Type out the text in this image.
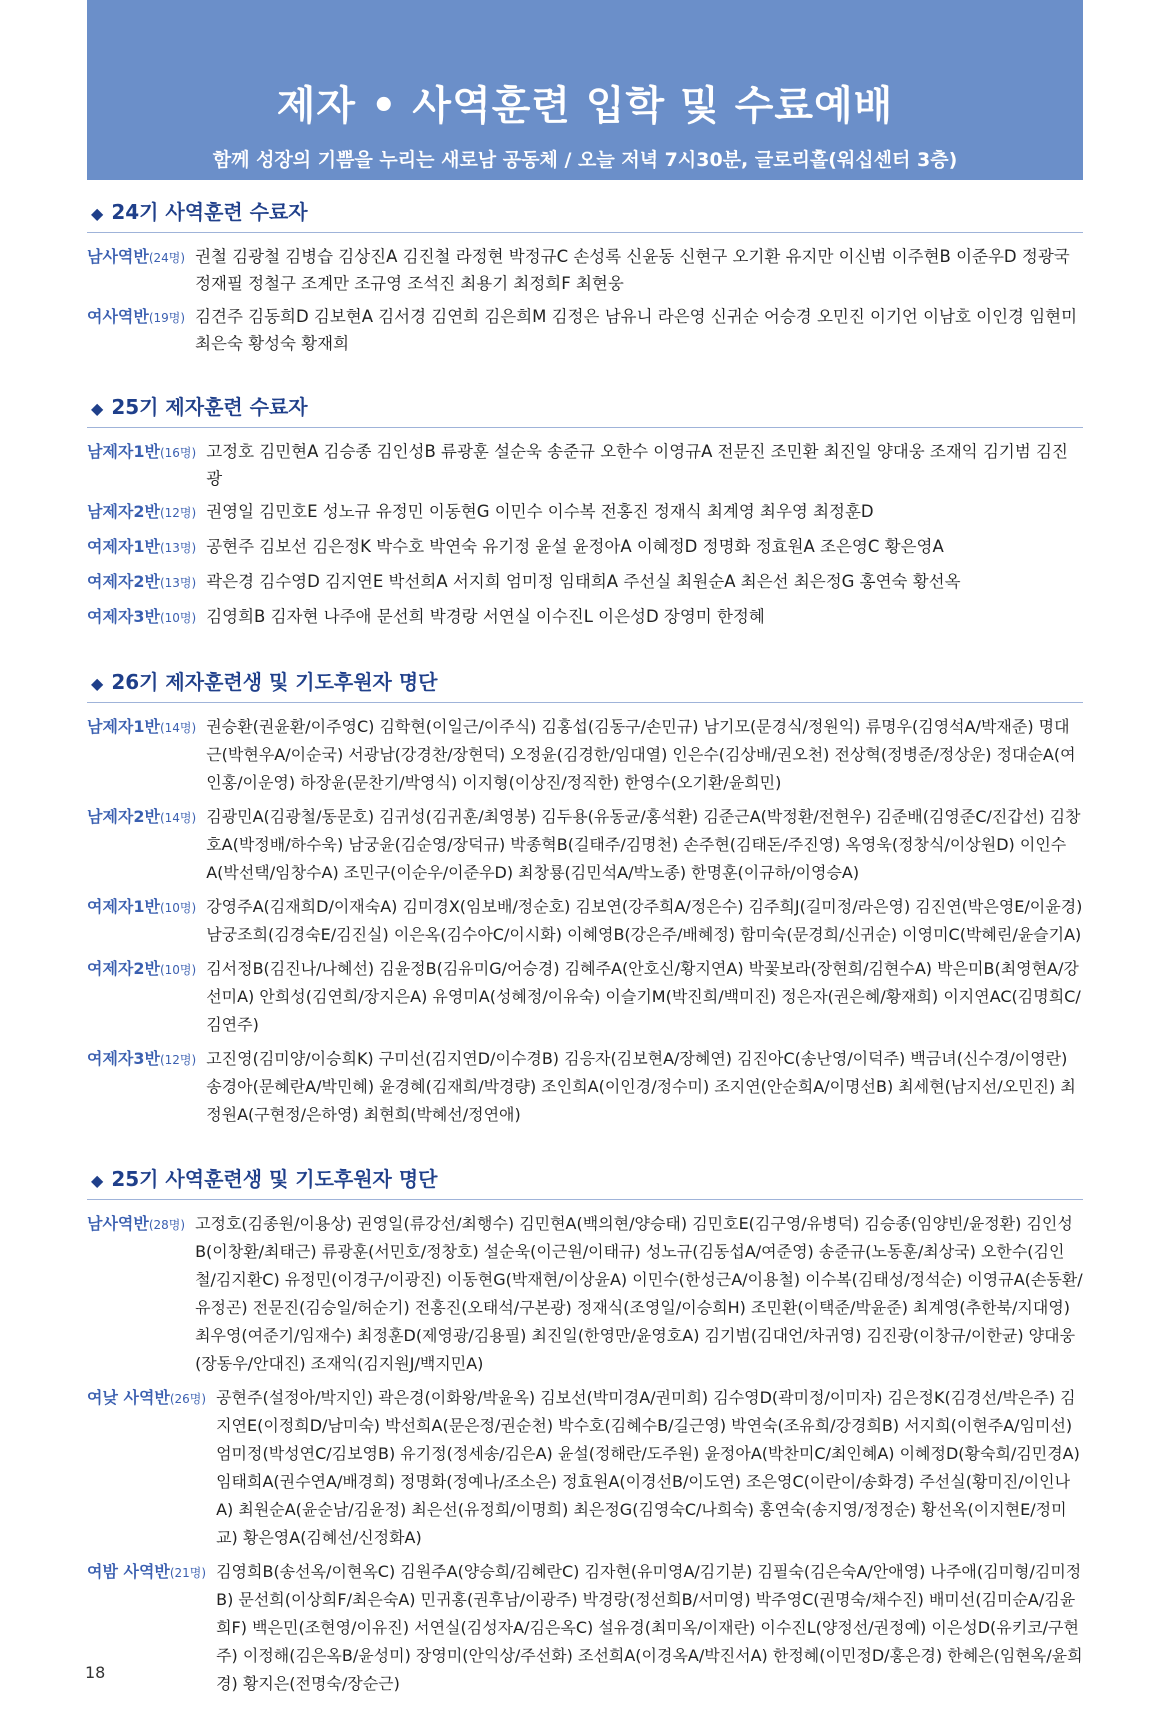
제자 • 사역훈련 입학 및 수료예배
함께 성장의 기쁨을 누리는 새로남 공동체 / 오늘 저녁 7시30분, 글로리홀(워십센터 3층)
◆ 24기 사역훈련 수료자
남사역반(24명) 권철 김광철 김병습 김상진A 김진철 라정현 박정규C 손성록 신윤동 신현구 오기환 유지만 이신범 이주현B 이준우D 정광국 정재필 정철구 조계만 조규영 조석진 최용기 최정희F 최현웅
여사역반(19명) 김견주 김동희D 김보현A 김서경 김연희 김은희M 김정은 남유니 라은영 신귀순 어승경 오민진 이기언 이남호 이인경 임현미 최은숙 황성숙 황재희
◆ 25기 제자훈련 수료자
남제자1반(16명) 고정호 김민현A 김승종 김인성B 류광훈 설순욱 송준규 오한수 이영규A 전문진 조민환 최진일 양대웅 조재익 김기범 김진광
남제자2반(12명) 권영일 김민호E 성노규 유정민 이동현G 이민수 이수복 전홍진 정재식 최계영 최우영 최정훈D
여제자1반(13명) 공현주 김보선 김은정K 박수호 박연숙 유기정 윤설 윤정아A 이혜정D 정명화 정효원A 조은영C 황은영A
여제자2반(13명) 곽은경 김수영D 김지연E 박선희A 서지희 엄미정 임태희A 주선실 최원순A 최은선 최은정G 홍연숙 황선옥
여제자3반(10명) 김영희B 김자현 나주애 문선희 박경랑 서연실 이수진L 이은성D 장영미 한정혜
◆ 26기 제자훈련생 및 기도후원자 명단
남제자1반(14명) 권승환(권윤환/이주영C) 김학현(이일근/이주식) 김홍섭(김동구/손민규) 남기모(문경식/정원익) 류명우(김영석A/박재준) 명대근(박현우A/이순국) 서광남(강경찬/장현덕) 오정윤(김경한/임대열) 인은수(김상배/권오천) 전상혁(정병준/정상운) 정대순A(여인홍/이운영) 하장윤(문찬기/박영식) 이지형(이상진/정직한) 한영수(오기환/윤희민)
남제자2반(14명) 김광민A(김광철/동문호) 김귀성(김귀훈/최영봉) 김두용(유동균/홍석환) 김준근A(박정환/전현우) 김준배(김영준C/진갑선) 김창호A(박정배/하수욱) 남궁윤(김순영/장덕규) 박종혁B(길태주/김명천) 손주현(김태돈/주진영) 옥영욱(정창식/이상원D) 이인수A(박선택/임창수A) 조민구(이순우/이준우D) 최창룡(김민석A/박노종) 한명훈(이규하/이영승A)
여제자1반(10명) 강영주A(김재희D/이재숙A) 김미경X(임보배/정순호) 김보연(강주희A/정은수) 김주희J(길미정/라은영) 김진연(박은영E/이윤경) 남궁조희(김경숙E/김진실) 이은옥(김수아C/이시화) 이혜영B(강은주/배혜정) 함미숙(문경희/신귀순) 이영미C(박혜린/윤슬기A)
여제자2반(10명) 김서정B(김진나/나혜선) 김윤정B(김유미G/어승경) 김혜주A(안호신/황지연A) 박꽃보라(장현희/김현수A) 박은미B(최영현A/강선미A) 안희성(김연희/장지은A) 유영미A(성혜정/이유숙) 이슬기M(박진희/백미진) 정은자(권은혜/황재희) 이지연AC(김명희C/김연주)
여제자3반(12명) 고진영(김미양/이승희K) 구미선(김지연D/이수경B) 김응자(김보현A/장혜연) 김진아C(송난영/이덕주) 백금녀(신수경/이영란) 송경아(문혜란A/박민혜) 윤경혜(김재희/박경량) 조인희A(이인경/정수미) 조지연(안순희A/이명선B) 최세현(남지선/오민진) 최정원A(구현정/은하영) 최현희(박혜선/정연애)
◆ 25기 사역훈련생 및 기도후원자 명단
남사역반(28명) 고정호(김종원/이용상) 권영일(류강선/최행수) 김민현A(백의현/양승태) 김민호E(김구영/유병덕) 김승종(임양빈/윤정환) 김인성B(이창환/최태근) 류광훈(서민호/정창호) 설순욱(이근원/이태규) 성노규(김동섭A/여준영) 송준규(노동훈/최상국) 오한수(김인철/김지환C) 유정민(이경구/이광진) 이동현G(박재현/이상윤A) 이민수(한성근A/이용철) 이수복(김태성/정석순) 이영규A(손동환/유정곤) 전문진(김승일/허순기) 전홍진(오태석/구본광) 정재식(조영일/이승희H) 조민환(이택준/박윤준) 최계영(추한북/지대영) 최우영(여준기/임재수) 최정훈D(제영광/김용필) 최진일(한영만/윤영호A) 김기범(김대언/차귀영) 김진광(이창규/이한균) 양대웅(장동우/안대진) 조재익(김지원J/백지민A)
여낮 사역반(26명) 공현주(설정아/박지인) 곽은경(이화왕/박윤옥) 김보선(박미경A/권미희) 김수영D(곽미정/이미자) 김은정K(김경선/박은주) 김지연E(이정희D/남미숙) 박선희A(문은정/권순천) 박수호(김혜수B/길근영) 박연숙(조유희/강경희B) 서지희(이현주A/임미선) 엄미정(박성연C/김보영B) 유기정(정세송/김은A) 윤설(정해란/도주원) 윤정아A(박찬미C/최인혜A) 이혜정D(황숙희/김민경A) 임태희A(권수연A/배경희) 정명화(정예나/조소은) 정효원A(이경선B/이도연) 조은영C(이란이/송화경) 주선실(황미진/이인나A) 최원순A(윤순남/김윤정) 최은선(유정희/이명희) 최은정G(김영숙C/나희숙) 홍연숙(송지영/정정순) 황선옥(이지현E/정미교) 황은영A(김혜선/신정화A)
여밤 사역반(21명) 김영희B(송선옥/이현옥C) 김원주A(양승희/김혜란C) 김자현(유미영A/김기분) 김필숙(김은숙A/안애영) 나주애(김미형/김미정B) 문선희(이상희F/최은숙A) 민귀홍(권후남/이광주) 박경랑(정선희B/서미영) 박주영C(권명숙/채수진) 배미선(김미순A/김윤희F) 백은민(조현영/이유진) 서연실(김성자A/김은옥C) 설유경(최미옥/이재란) 이수진L(양정선/권정예) 이은성D(유키코/구현주) 이정해(김은옥B/윤성미) 장영미(안익상/주선화) 조선희A(이경옥A/박진서A) 한정혜(이민정D/홍은경) 한혜은(임현옥/윤희경) 황지은(전명숙/장순근)
18
